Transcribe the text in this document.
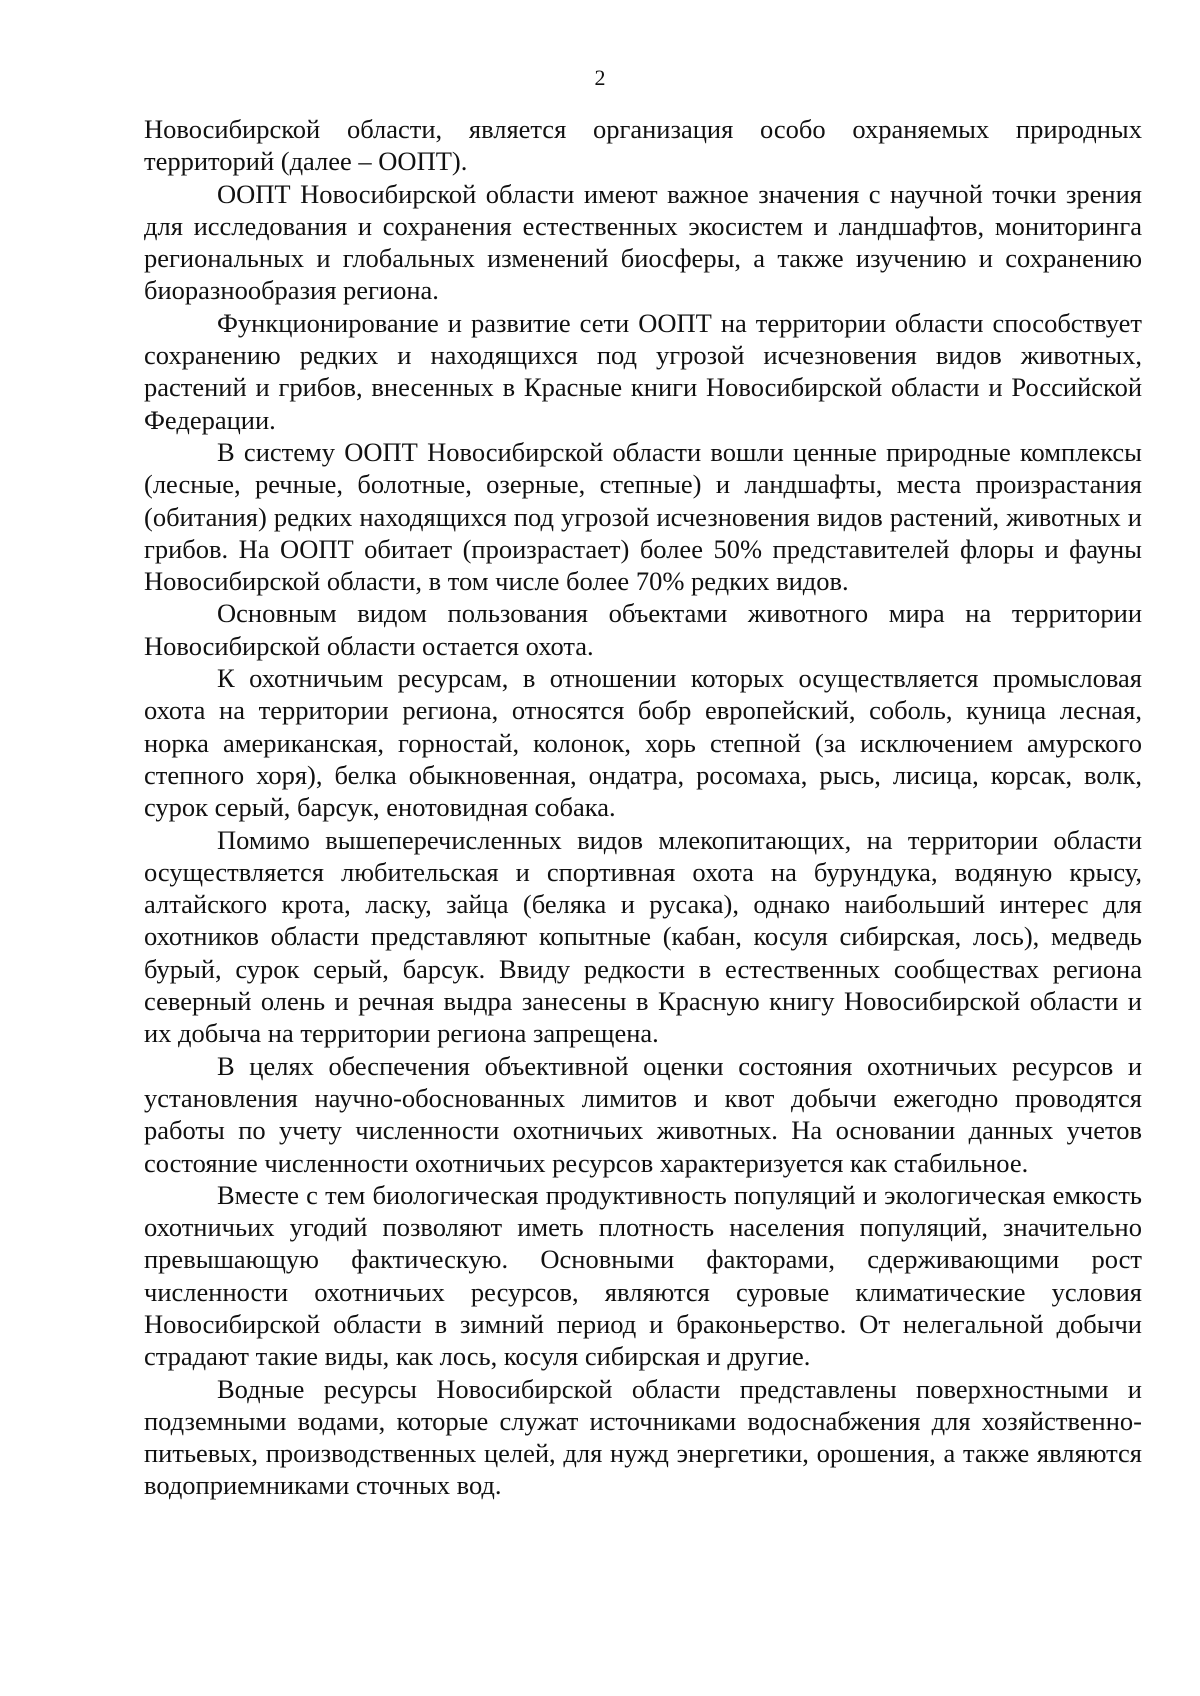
2

Новосибирской области, является организация особо охраняемых природных территорий (далее – ООПТ).

ООПТ Новосибирской области имеют важное значения с научной точки зрения для исследования и сохранения естественных экосистем и ландшафтов, мониторинга региональных и глобальных изменений биосферы, а также изучению и сохранению биоразнообразия региона.

Функционирование и развитие сети ООПТ на территории области способствует сохранению редких и находящихся под угрозой исчезновения видов животных, растений и грибов, внесенных в Красные книги Новосибирской области и Российской Федерации.

В систему ООПТ Новосибирской области вошли ценные природные комплексы (лесные, речные, болотные, озерные, степные) и ландшафты, места произрастания (обитания) редких находящихся под угрозой исчезновения видов растений, животных и грибов. На ООПТ обитает (произрастает) более 50% представителей флоры и фауны Новосибирской области, в том числе более 70% редких видов.

Основным видом пользования объектами животного мира на территории Новосибирской области остается охота.

К охотничьим ресурсам, в отношении которых осуществляется промысловая охота на территории региона, относятся бобр европейский, соболь, куница лесная, норка американская, горностай, колонок, хорь степной (за исключением амурского степного хоря), белка обыкновенная, ондатра, росомаха, рысь, лисица, корсак, волк, сурок серый, барсук, енотовидная собака.

Помимо вышеперечисленных видов млекопитающих, на территории области осуществляется любительская и спортивная охота на бурундука, водяную крысу, алтайского крота, ласку, зайца (беляка и русака), однако наибольший интерес для охотников области представляют копытные (кабан, косуля сибирская, лось), медведь бурый, сурок серый, барсук. Ввиду редкости в естественных сообществах региона северный олень и речная выдра занесены в Красную книгу Новосибирской области и их добыча на территории региона запрещена.

В целях обеспечения объективной оценки состояния охотничьих ресурсов и установления научно-обоснованных лимитов и квот добычи ежегодно проводятся работы по учету численности охотничьих животных. На основании данных учетов состояние численности охотничьих ресурсов характеризуется как стабильное.

Вместе с тем биологическая продуктивность популяций и экологическая емкость охотничьих угодий позволяют иметь плотность населения популяций, значительно превышающую фактическую. Основными факторами, сдерживающими рост численности охотничьих ресурсов, являются суровые климатические условия Новосибирской области в зимний период и браконьерство. От нелегальной добычи страдают такие виды, как лось, косуля сибирская и другие.

Водные ресурсы Новосибирской области представлены поверхностными и подземными водами, которые служат источниками водоснабжения для хозяйственно-питьевых, производственных целей, для нужд энергетики, орошения, а также являются водоприемниками сточных вод.
